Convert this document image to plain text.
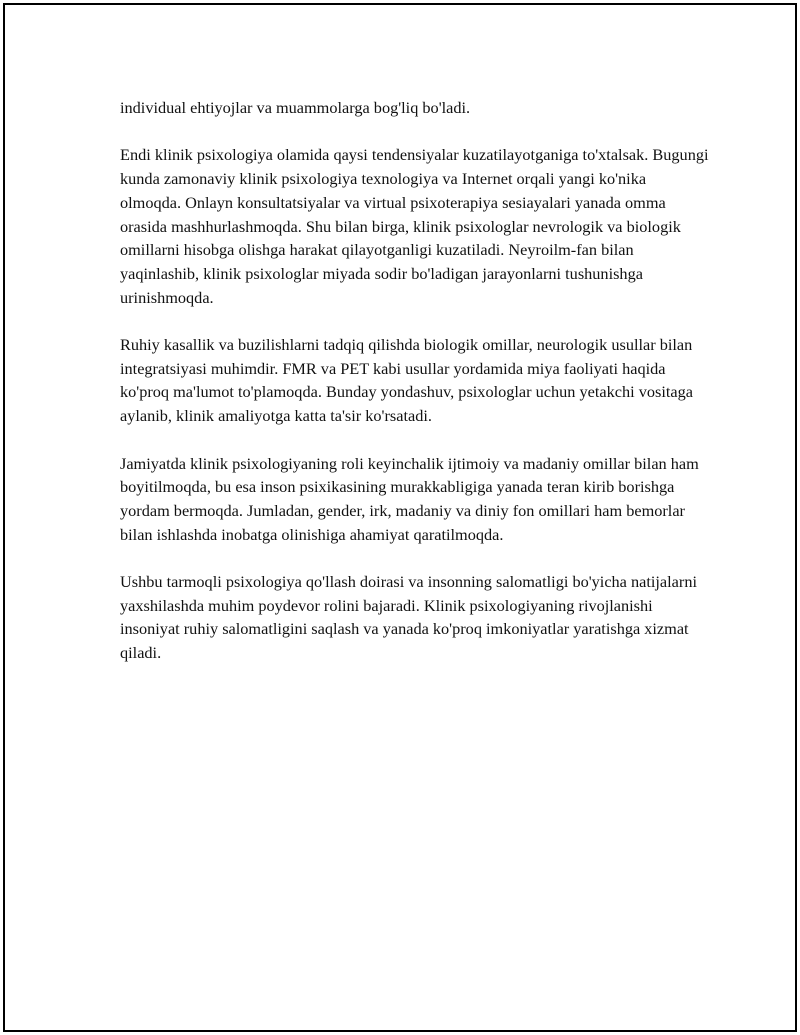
individual ehtiyojlar va muammolarga bog'liq bo'ladi.

Endi klinik psixologiya olamida qaysi tendensiyalar kuzatilayotganiga to'xtalsak. Bugungi kunda zamonaviy klinik psixologiya texnologiya va Internet orqali yangi ko'nika olmoqda. Onlayn konsultatsiyalar va virtual psixoterapiya sesiayalari yanada omma orasida mashhurlashmoqda. Shu bilan birga, klinik psixologlar nevrologik va biologik omillarni hisobga olishga harakat qilayotganligi kuzatiladi. Neyroilm-fan bilan yaqinlashib, klinik psixologlar miyada sodir bo'ladigan jarayonlarni tushunishga urinishmoqda.

Ruhiy kasallik va buzilishlarni tadqiq qilishda biologik omillar, neurologik usullar bilan integratsiyasi muhimdir. FMR va PET kabi usullar yordamida miya faoliyati haqida ko'proq ma'lumot to'plamoqda. Bunday yondashuv, psixologlar uchun yetakchi vositaga aylanib, klinik amaliyotga katta ta'sir ko'rsatadi.

Jamiyatda klinik psixologiyaning roli keyinchalik ijtimoiy va madaniy omillar bilan ham boyitilmoqda, bu esa inson psixikasining murakkabligiga yanada teran kirib borishga yordam bermoqda. Jumladan, gender, irk, madaniy va diniy fon omillari ham bemorlar bilan ishlashda inobatga olinishiga ahamiyat qaratilmoqda.

Ushbu tarmoqli psixologiya qo'llash doirasi va insonning salomatligi bo'yicha natijalarni yaxshilashda muhim poydevor rolini bajaradi. Klinik psixologiyaning rivojlanishi insoniyat ruhiy salomatligini saqlash va yanada ko'proq imkoniyatlar yaratishga xizmat qiladi.
